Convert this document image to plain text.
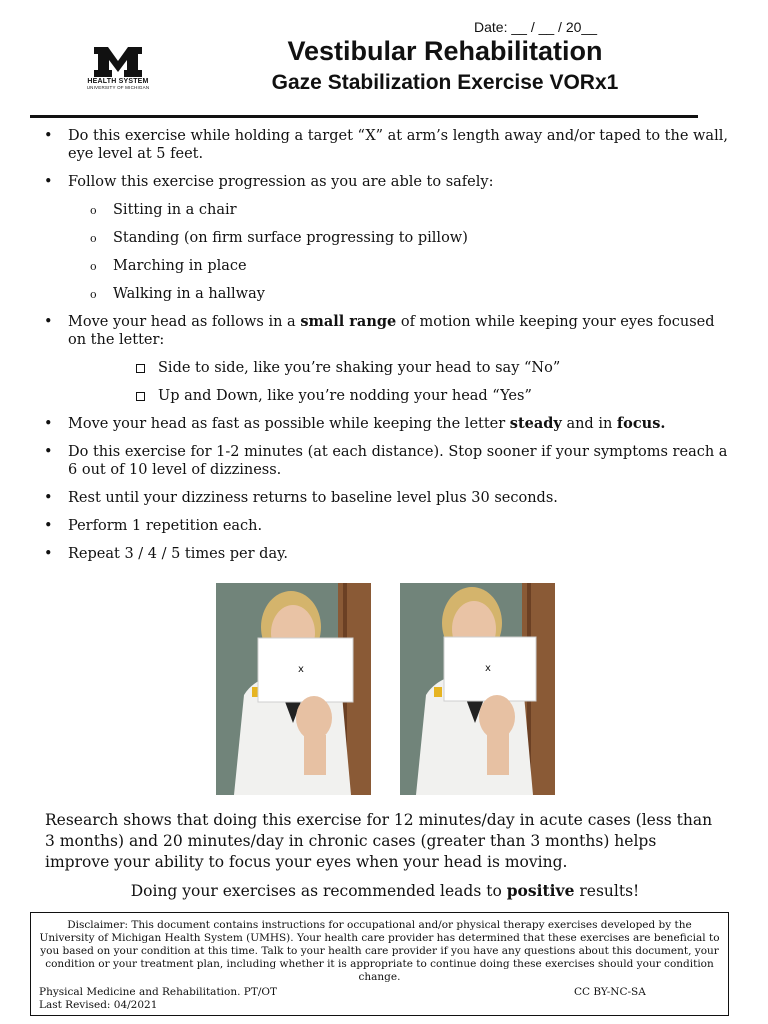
Date: __ / __ / 20__
HEALTH SYSTEM
UNIVERSITY OF MICHIGAN
Vestibular Rehabilitation
Gaze Stabilization Exercise VORx1
• Do this exercise while holding a target “X” at arm’s length away and/or taped to the wall, eye level at 5 feet.
• Follow this exercise progression as you are able to safely:
o Sitting in a chair
o Standing (on firm surface progressing to pillow)
o Marching in place
o Walking in a hallway
• Move your head as follows in a small range of motion while keeping your eyes focused on the letter:
Side to side, like you’re shaking your head to say “No”
Up and Down, like you’re nodding your head “Yes”
• Move your head as fast as possible while keeping the letter steady and in focus.
• Do this exercise for 1-2 minutes (at each distance). Stop sooner if your symptoms reach a 6 out of 10 level of dizziness.
• Rest until your dizziness returns to baseline level plus 30 seconds.
• Perform 1 repetition each.
• Repeat 3 / 4 / 5 times per day.
x	x
Research shows that doing this exercise for 12 minutes/day in acute cases (less than 3 months) and 20 minutes/day in chronic cases (greater than 3 months) helps improve your ability to focus your eyes when your head is moving.
Doing your exercises as recommended leads to positive results!
Disclaimer: This document contains instructions for occupational and/or physical therapy exercises developed by the University of Michigan Health System (UMHS). Your health care provider has determined that these exercises are beneficial to you based on your condition at this time. Talk to your health care provider if you have any questions about this document, your condition or your treatment plan, including whether it is appropriate to continue doing these exercises should your condition change.
Physical Medicine and Rehabilitation. PT/OT
Last Revised: 04/2021
CC BY-NC-SA
